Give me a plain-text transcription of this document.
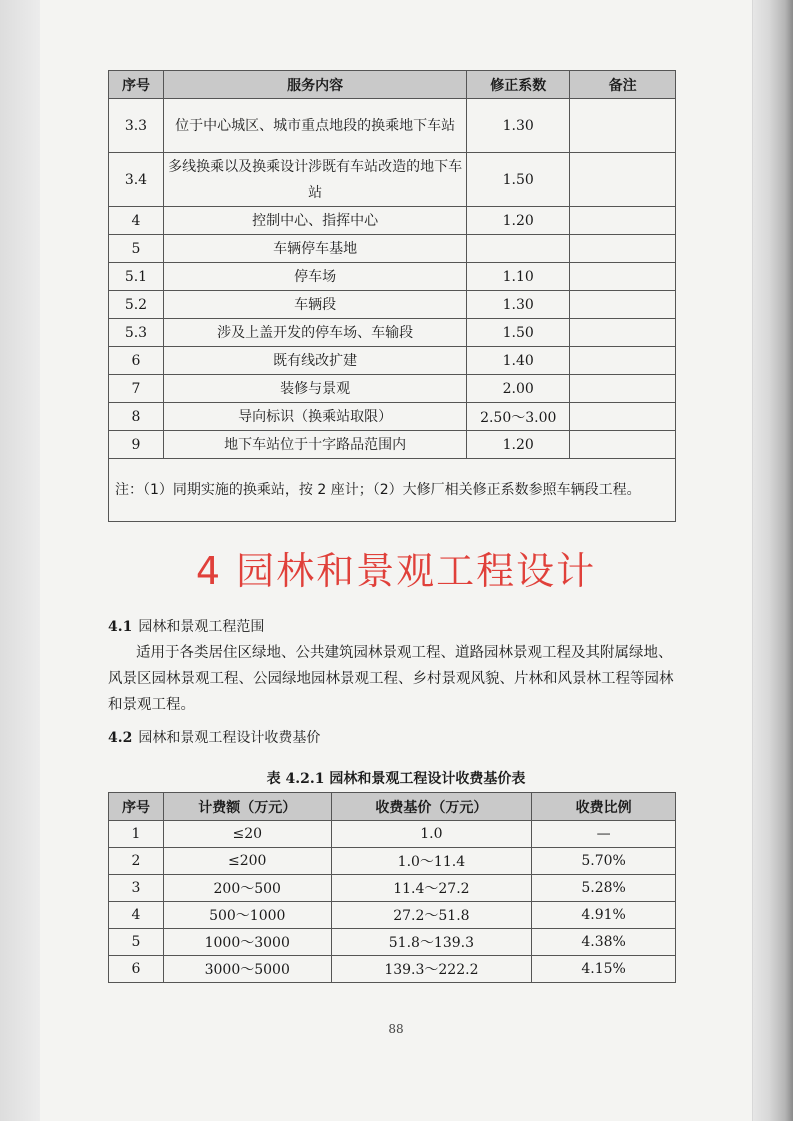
序号	服务内容	修正系数	备注
3.3	位于中心城区、城市重点地段的换乘地下车站	1.30	
3.4	多线换乘以及换乘设计涉既有车站改造的地下车站	1.50	
4	控制中心、指挥中心	1.20	
5	车辆停车基地		
5.1	停车场	1.10	
5.2	车辆段	1.30	
5.3	涉及上盖开发的停车场、车输段	1.50	
6	既有线改扩建	1.40	
7	装修与景观	2.00	
8	导向标识（换乘站取限）	2.50～3.00	
9	地下车站位于十字路品范围内	1.20	
注：（1）同期实施的换乘站，按 2 座计；（2）大修厂相关修正系数参照车辆段工程。			
4 园林和景观工程设计
4.1 园林和景观工程范围
适用于各类居住区绿地、公共建筑园林景观工程、道路园林景观工程及其附属绿地、风景区园林景观工程、公园绿地园林景观工程、乡村景观风貌、片林和风景林工程等园林和景观工程。
4.2 园林和景观工程设计收费基价
表 4.2.1 园林和景观工程设计收费基价表
序号	计费额（万元）	收费基价（万元）	收费比例
1	≤20	1.0	—
2	≤200	1.0～11.4	5.70%
3	200～500	11.4～27.2	5.28%
4	500～1000	27.2～51.8	4.91%
5	1000～3000	51.8～139.3	4.38%
6	3000～5000	139.3～222.2	4.15%
88
